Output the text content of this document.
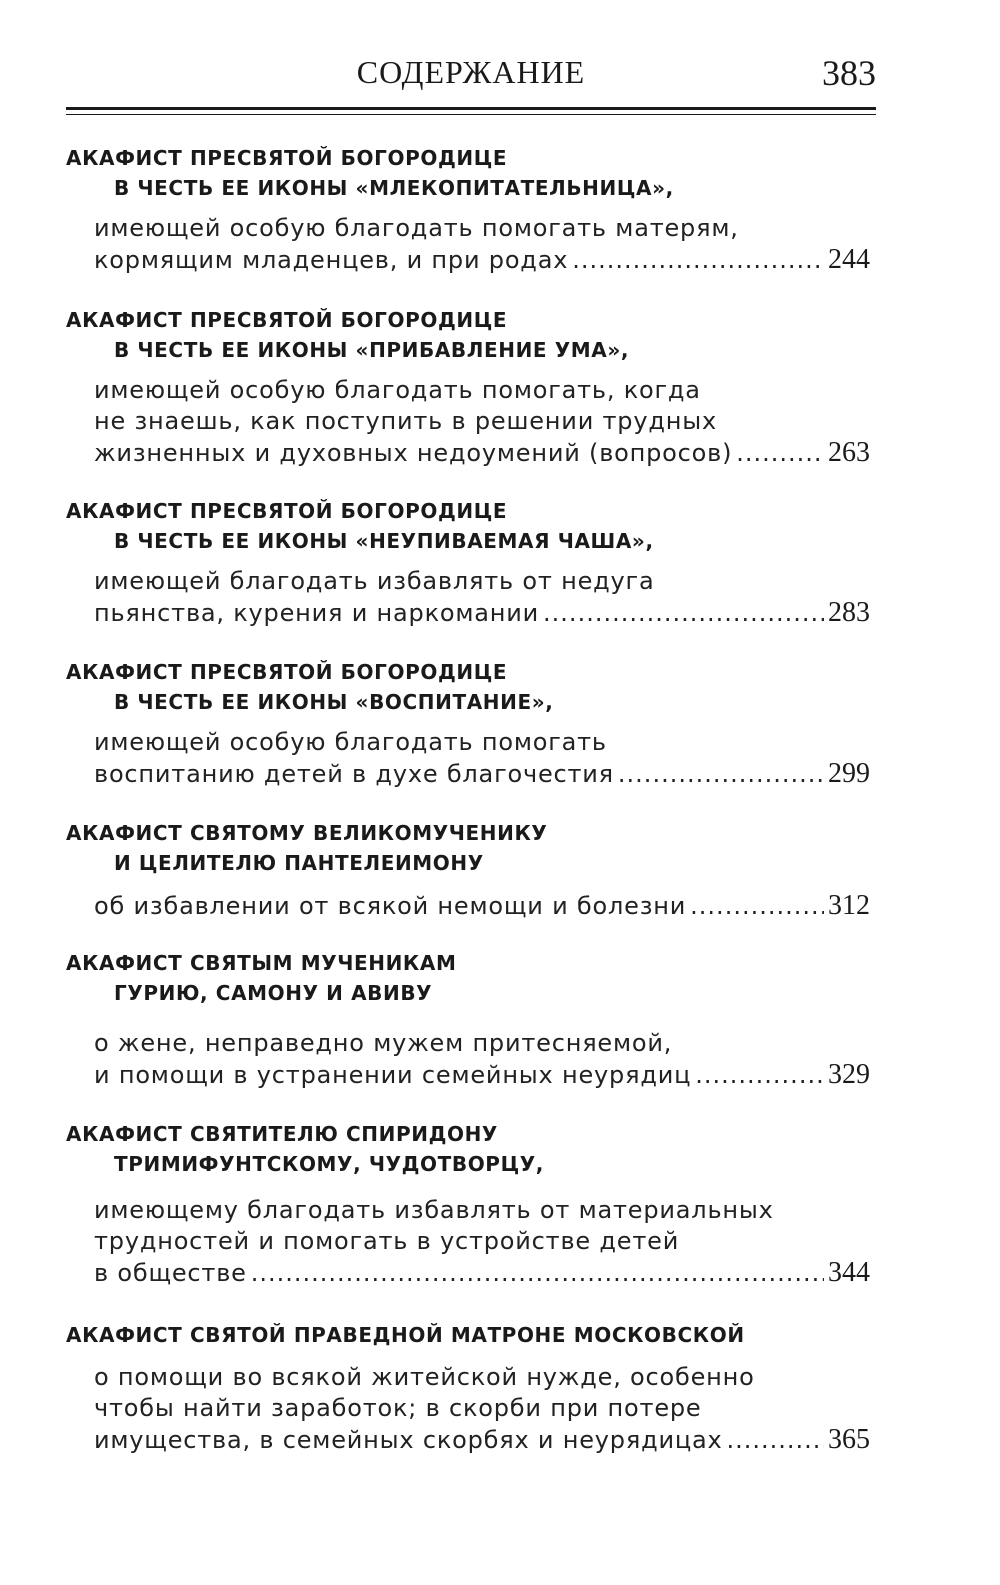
СОДЕРЖАНИЕ	383
АКАФИСТ ПРЕСВЯТОЙ БОГОРОДИЦЕ
В ЧЕСТЬ ЕЕ ИКОНЫ «МЛЕКОПИТАТЕЛЬНИЦА»,
имеющей особую благодать помогать матерям,
кормящим младенцев, и при родах .....	244
АКАФИСТ ПРЕСВЯТОЙ БОГОРОДИЦЕ
В ЧЕСТЬ ЕЕ ИКОНЫ «ПРИБАВЛЕНИЕ УМА»,
имеющей особую благодать помогать, когда
не знаешь, как поступить в решении трудных
жизненных и духовных недоумений (вопросов) .....	263
АКАФИСТ ПРЕСВЯТОЙ БОГОРОДИЦЕ
В ЧЕСТЬ ЕЕ ИКОНЫ «НЕУПИВАЕМАЯ ЧАША»,
имеющей благодать избавлять от недуга
пьянства, курения и наркомании .....	283
АКАФИСТ ПРЕСВЯТОЙ БОГОРОДИЦЕ
В ЧЕСТЬ ЕЕ ИКОНЫ «ВОСПИТАНИЕ»,
имеющей особую благодать помогать
воспитанию детей в духе благочестия .....	299
АКАФИСТ СВЯТОМУ ВЕЛИКОМУЧЕНИКУ
И ЦЕЛИТЕЛЮ ПАНТЕЛЕИМОНУ
об избавлении от всякой немощи и болезни .....	312
АКАФИСТ СВЯТЫМ МУЧЕНИКАМ
ГУРИЮ, САМОНУ И АВИВУ
о жене, неправедно мужем притесняемой,
и помощи в устранении семейных неурядиц .....	329
АКАФИСТ СВЯТИТЕЛЮ СПИРИДОНУ
ТРИМИФУНТСКОМУ, ЧУДОТВОРЦУ,
имеющему благодать избавлять от материальных
трудностей и помогать в устройстве детей
в обществе .....	344
АКАФИСТ СВЯТОЙ ПРАВЕДНОЙ МАТРОНЕ МОСКОВСКОЙ
о помощи во всякой житейской нужде, особенно
чтобы найти заработок; в скорби при потере
имущества, в семейных скорбях и неурядицах .....	365
